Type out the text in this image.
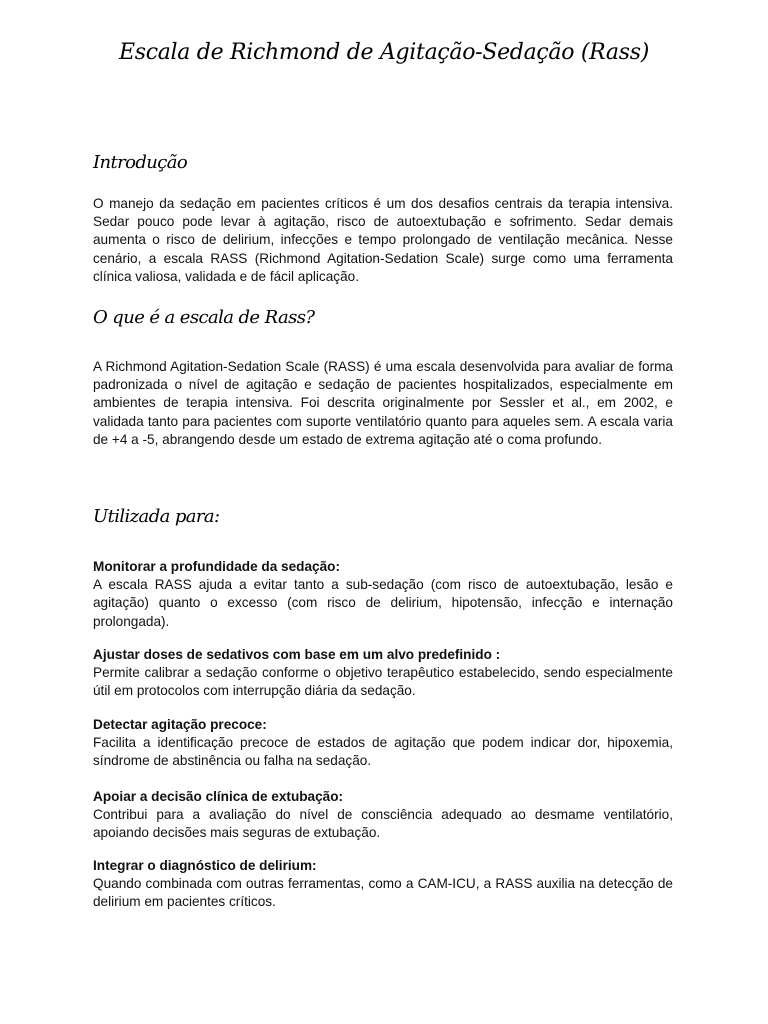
Escala de Richmond de Agitação-Sedação (Rass)
Introdução

O manejo da sedação em pacientes críticos é um dos desafios centrais da terapia intensiva. Sedar pouco pode levar à agitação, risco de autoextubação e sofrimento. Sedar demais aumenta o risco de delirium, infecções e tempo prolongado de ventilação mecânica. Nesse cenário, a escala RASS (Richmond Agitation-Sedation Scale) surge como uma ferramenta clínica valiosa, validada e de fácil aplicação.

O que é a escala de Rass?

A Richmond Agitation-Sedation Scale (RASS) é uma escala desenvolvida para avaliar de forma padronizada o nível de agitação e sedação de pacientes hospitalizados, especialmente em ambientes de terapia intensiva. Foi descrita originalmente por Sessler et al., em 2002, e validada tanto para pacientes com suporte ventilatório quanto para aqueles sem. A escala varia de +4 a -5, abrangendo desde um estado de extrema agitação até o coma profundo.

Utilizada para:
Monitorar a profundidade da sedação:
A escala RASS ajuda a evitar tanto a sub-sedação (com risco de autoextubação, lesão e agitação) quanto o excesso (com risco de delirium, hipotensão, infecção e internação prolongada).
Ajustar doses de sedativos com base em um alvo predefinido :
Permite calibrar a sedação conforme o objetivo terapêutico estabelecido, sendo especialmente útil em protocolos com interrupção diária da sedação.
Detectar agitação precoce:
Facilita a identificação precoce de estados de agitação que podem indicar dor, hipoxemia, síndrome de abstinência ou falha na sedação.
Apoiar a decisão clínica de extubação:
Contribui para a avaliação do nível de consciência adequado ao desmame ventilatório, apoiando decisões mais seguras de extubação.
Integrar o diagnóstico de delirium:
Quando combinada com outras ferramentas, como a CAM-ICU, a RASS auxilia na detecção de delirium em pacientes críticos.
